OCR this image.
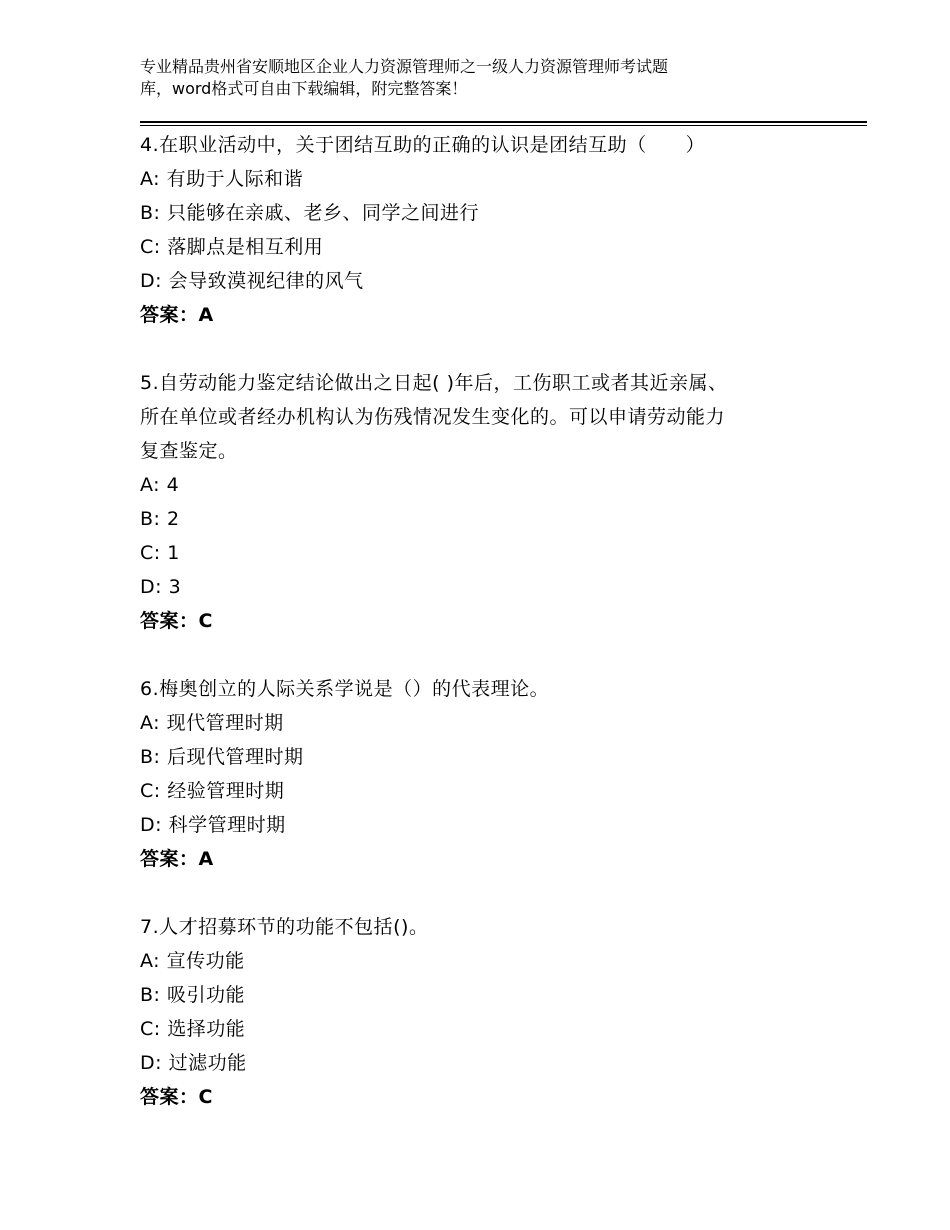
专业精品贵州省安顺地区企业人力资源管理师之一级人力资源管理师考试题
库，word格式可自由下载编辑，附完整答案！
4.在职业活动中，关于团结互助的正确的认识是团结互助（　　）
A: 有助于人际和谐
B: 只能够在亲戚、老乡、同学之间进行
C: 落脚点是相互利用
D: 会导致漠视纪律的风气
答案：A
5.自劳动能力鉴定结论做出之日起( )年后，工伤职工或者其近亲属、
所在单位或者经办机构认为伤残情况发生变化的。可以申请劳动能力
复查鉴定。
A: 4
B: 2
C: 1
D: 3
答案：C
6.梅奥创立的人际关系学说是（）的代表理论。
A: 现代管理时期
B: 后现代管理时期
C: 经验管理时期
D: 科学管理时期
答案：A
7.人才招募环节的功能不包括()。
A: 宣传功能
B: 吸引功能
C: 选择功能
D: 过滤功能
答案：C
